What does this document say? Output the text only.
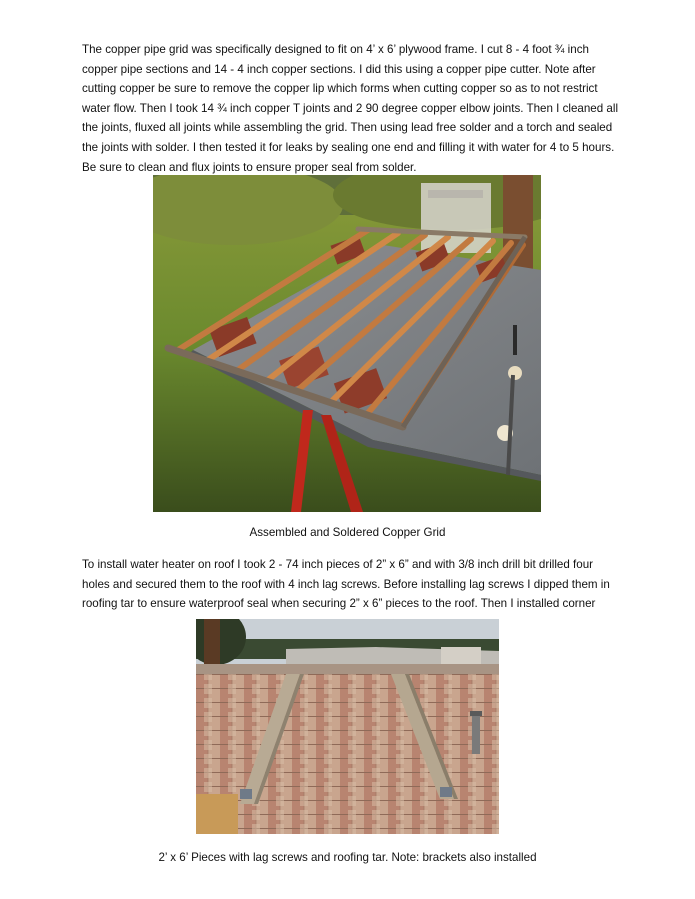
The copper pipe grid was specifically designed to fit on 4’ x 6’ plywood frame. I cut 8 - 4 foot ¾ inch copper pipe sections and 14 - 4 inch copper sections. I did this using a copper pipe cutter. Note after cutting copper be sure to remove the copper lip which forms when cutting copper so as to not restrict water flow. Then I took 14 ¾ inch copper T joints and 2 90 degree copper elbow joints. Then I cleaned all the joints, fluxed all joints while assembling the grid. Then using lead free solder and a torch and sealed the joints with solder. I then tested it for leaks by sealing one end and filling it with water for 4 to 5 hours. Be sure to clean and flux joints to ensure proper seal from solder.
Assembled and Soldered Copper Grid
To install water heater on roof I took 2 - 74 inch pieces of 2” x 6” and with 3/8 inch drill bit drilled four holes and secured them to the roof with 4 inch lag screws. Before installing lag screws I dipped them in roofing tar to ensure waterproof seal when securing 2” x 6” pieces to the roof. Then I installed corner
2’ x 6’ Pieces with lag screws and roofing tar. Note: brackets also installed
